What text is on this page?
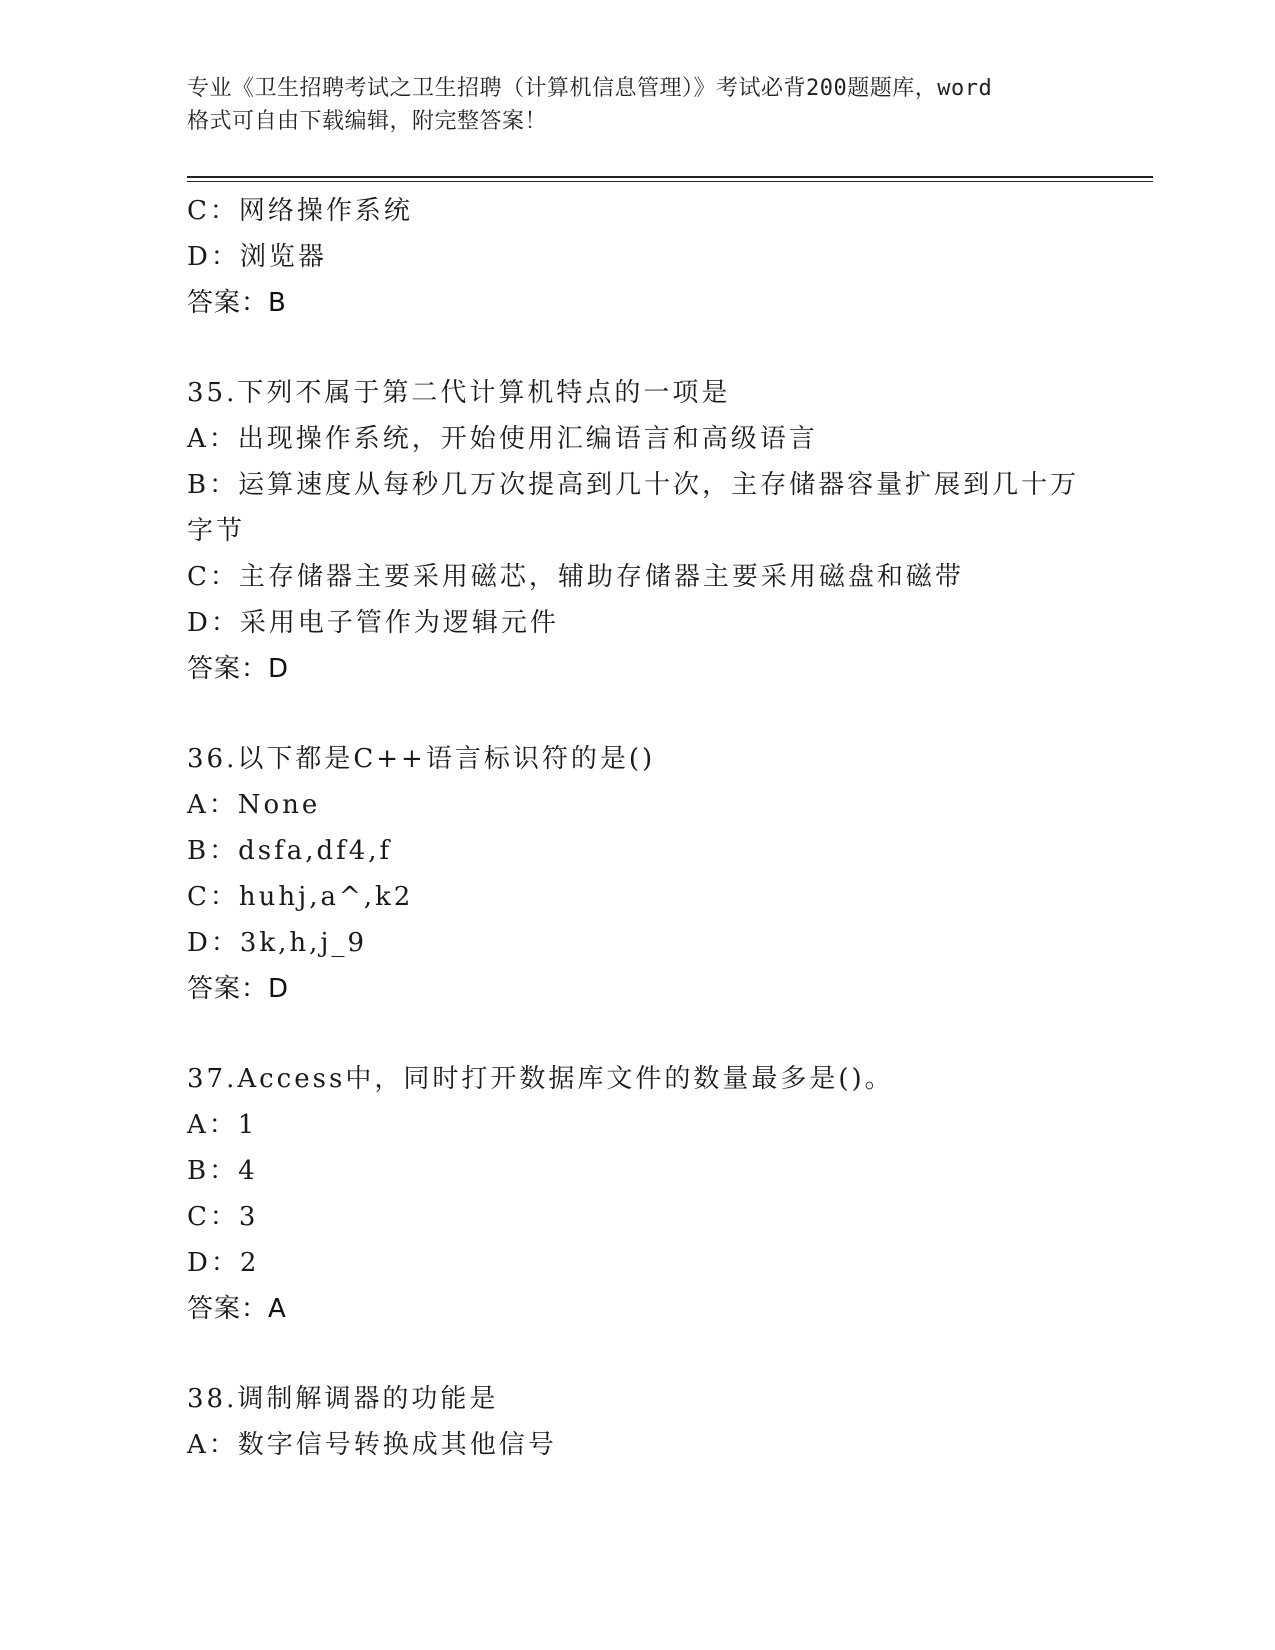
专业《卫生招聘考试之卫生招聘（计算机信息管理）》考试必背200题题库，word
格式可自由下载编辑，附完整答案！
C：网络操作系统
D：浏览器
答案：B
35.下列不属于第二代计算机特点的一项是
A：出现操作系统，开始使用汇编语言和高级语言
B：运算速度从每秒几万次提高到几十次，主存储器容量扩展到几十万字节
C：主存储器主要采用磁芯，辅助存储器主要采用磁盘和磁带
D：采用电子管作为逻辑元件
答案：D
36.以下都是C++语言标识符的是()
A：None
B：dsfa,df4,f
C：huhj,a^,k2
D：3k,h,j_9
答案：D
37.Access中，同时打开数据库文件的数量最多是()。
A：1
B：4
C：3
D：2
答案：A
38.调制解调器的功能是
A：数字信号转换成其他信号
